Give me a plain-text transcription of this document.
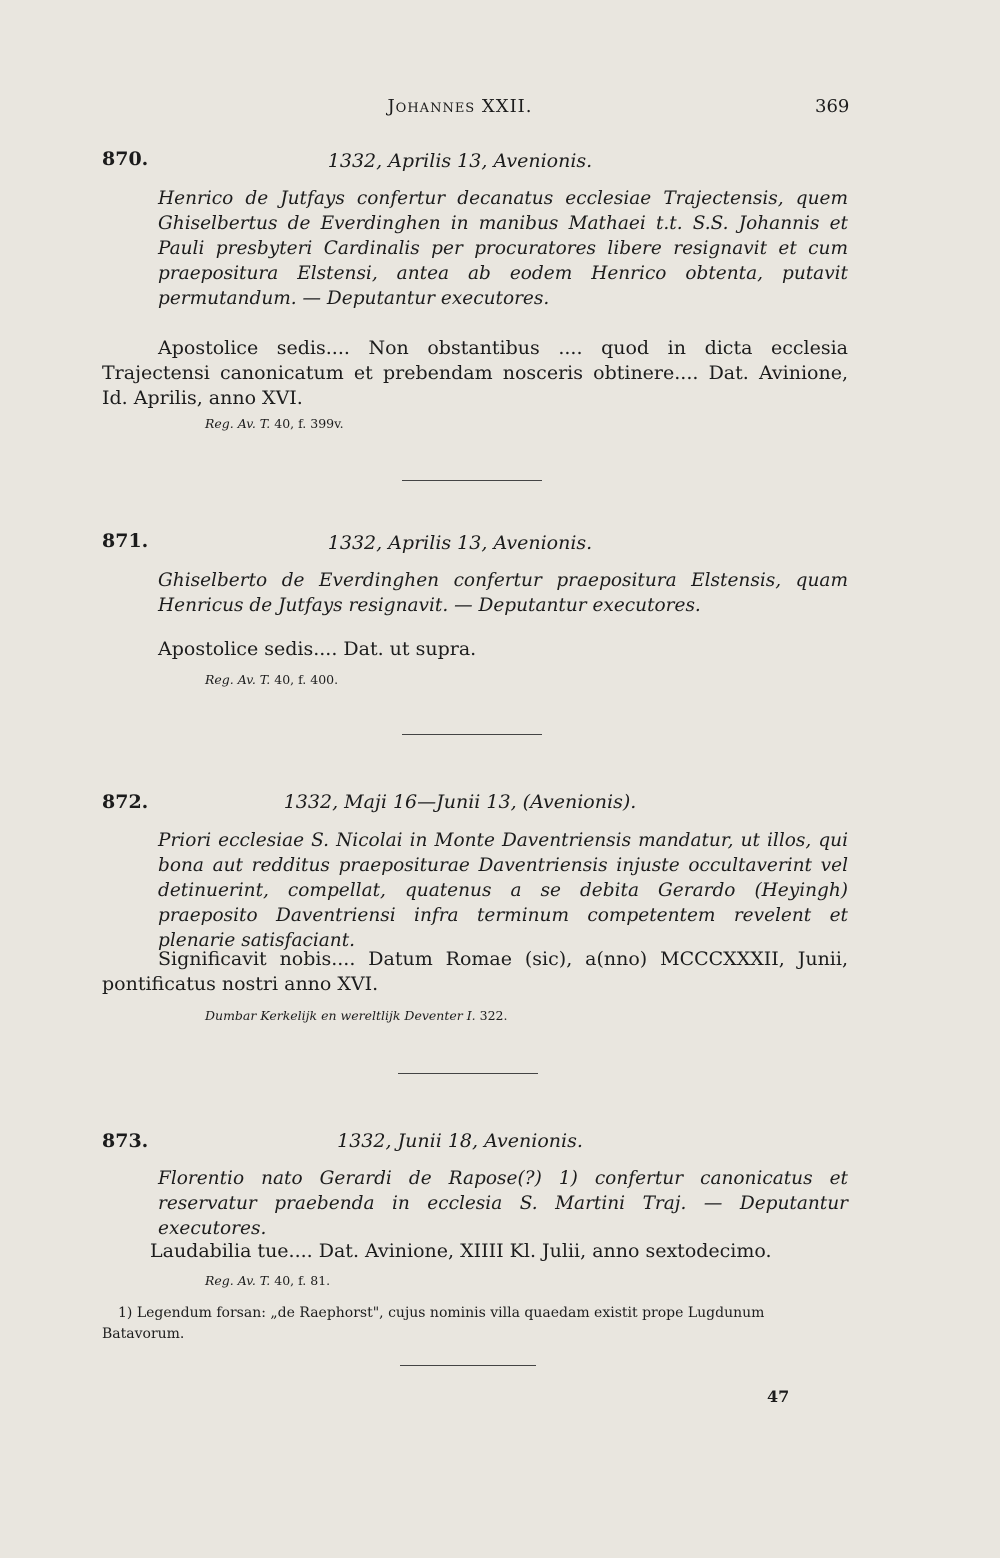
Johannes XXII.	369
870.	1332, Aprilis 13, Avenionis.
Henrico de Jutfays confertur decanatus ecclesiae Trajectensis, quem Ghiselbertus de Everdinghen in manibus Mathaei t.t. S.S. Johannis et Pauli presbyteri Cardinalis per procuratores libere resignavit et cum praepositura Elstensi, antea ab eodem Henrico obtenta, putavit permutandum. — Deputantur executores.
Apostolice sedis.... Non obstantibus .... quod in dicta ecclesia Trajectensi canonicatum et prebendam nosceris obtinere.... Dat. Avinione, Id. Aprilis, anno XVI.
Reg. Av. T. 40, f. 399v.
871.	1332, Aprilis 13, Avenionis.
Ghiselberto de Everdinghen confertur praepositura Elstensis, quam Henricus de Jutfays resignavit. — Deputantur executores.
Apostolice sedis.... Dat. ut supra.
Reg. Av. T. 40, f. 400.
872.	1332, Maji 16—Junii 13, (Avenionis).
Priori ecclesiae S. Nicolai in Monte Daventriensis mandatur, ut illos, qui bona aut redditus praepositurae Daventriensis injuste occultaverint vel detinuerint, compellat, quatenus a se debita Gerardo (Heyingh) praeposito Daventriensi infra terminum competentem revelent et plenarie satisfaciant.
Significavit nobis.... Datum Romae (sic), a(nno) MCCCXXXII, Junii, pontificatus nostri anno XVI.
Dumbar Kerkelijk en wereltlijk Deventer I. 322.
873.	1332, Junii 18, Avenionis.
Florentio nato Gerardi de Rapose(?) 1) confertur canonicatus et reservatur praebenda in ecclesia S. Martini Traj. — Deputantur executores.
Laudabilia tue.... Dat. Avinione, XIIII Kl. Julii, anno sextodecimo.
Reg. Av. T. 40, f. 81.
1) Legendum forsan: „de Raephorst", cujus nominis villa quaedam existit prope Lugdunum Batavorum.
47
